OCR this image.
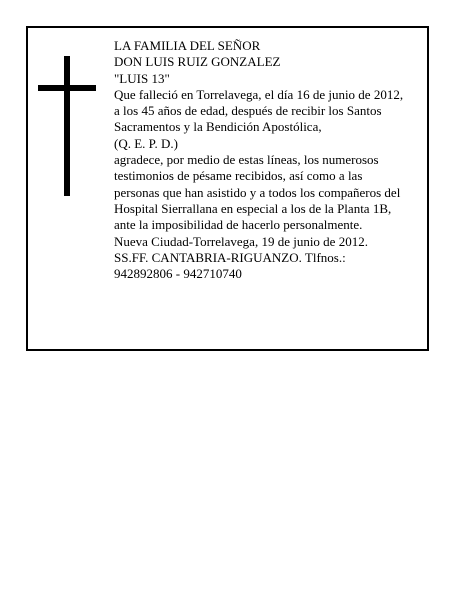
LA FAMILIA DEL SEÑOR
DON LUIS RUIZ GONZALEZ
"LUIS 13"
Que falleció en Torrelavega, el día 16 de junio de 2012,
a los 45 años de edad, después de recibir los Santos
Sacramentos y la Bendición Apostólica,
(Q. E. P. D.)
agradece, por medio de estas líneas, los numerosos
testimonios de pésame recibidos, así como a las
personas que han asistido y a todos los compañeros del
Hospital Sierrallana en especial a los de la Planta 1B,
ante la imposibilidad de hacerlo personalmente.
Nueva Ciudad-Torrelavega, 19 de junio de 2012.
SS.FF. CANTABRIA-RIGUANZO. Tlfnos.:
942892806 - 942710740
